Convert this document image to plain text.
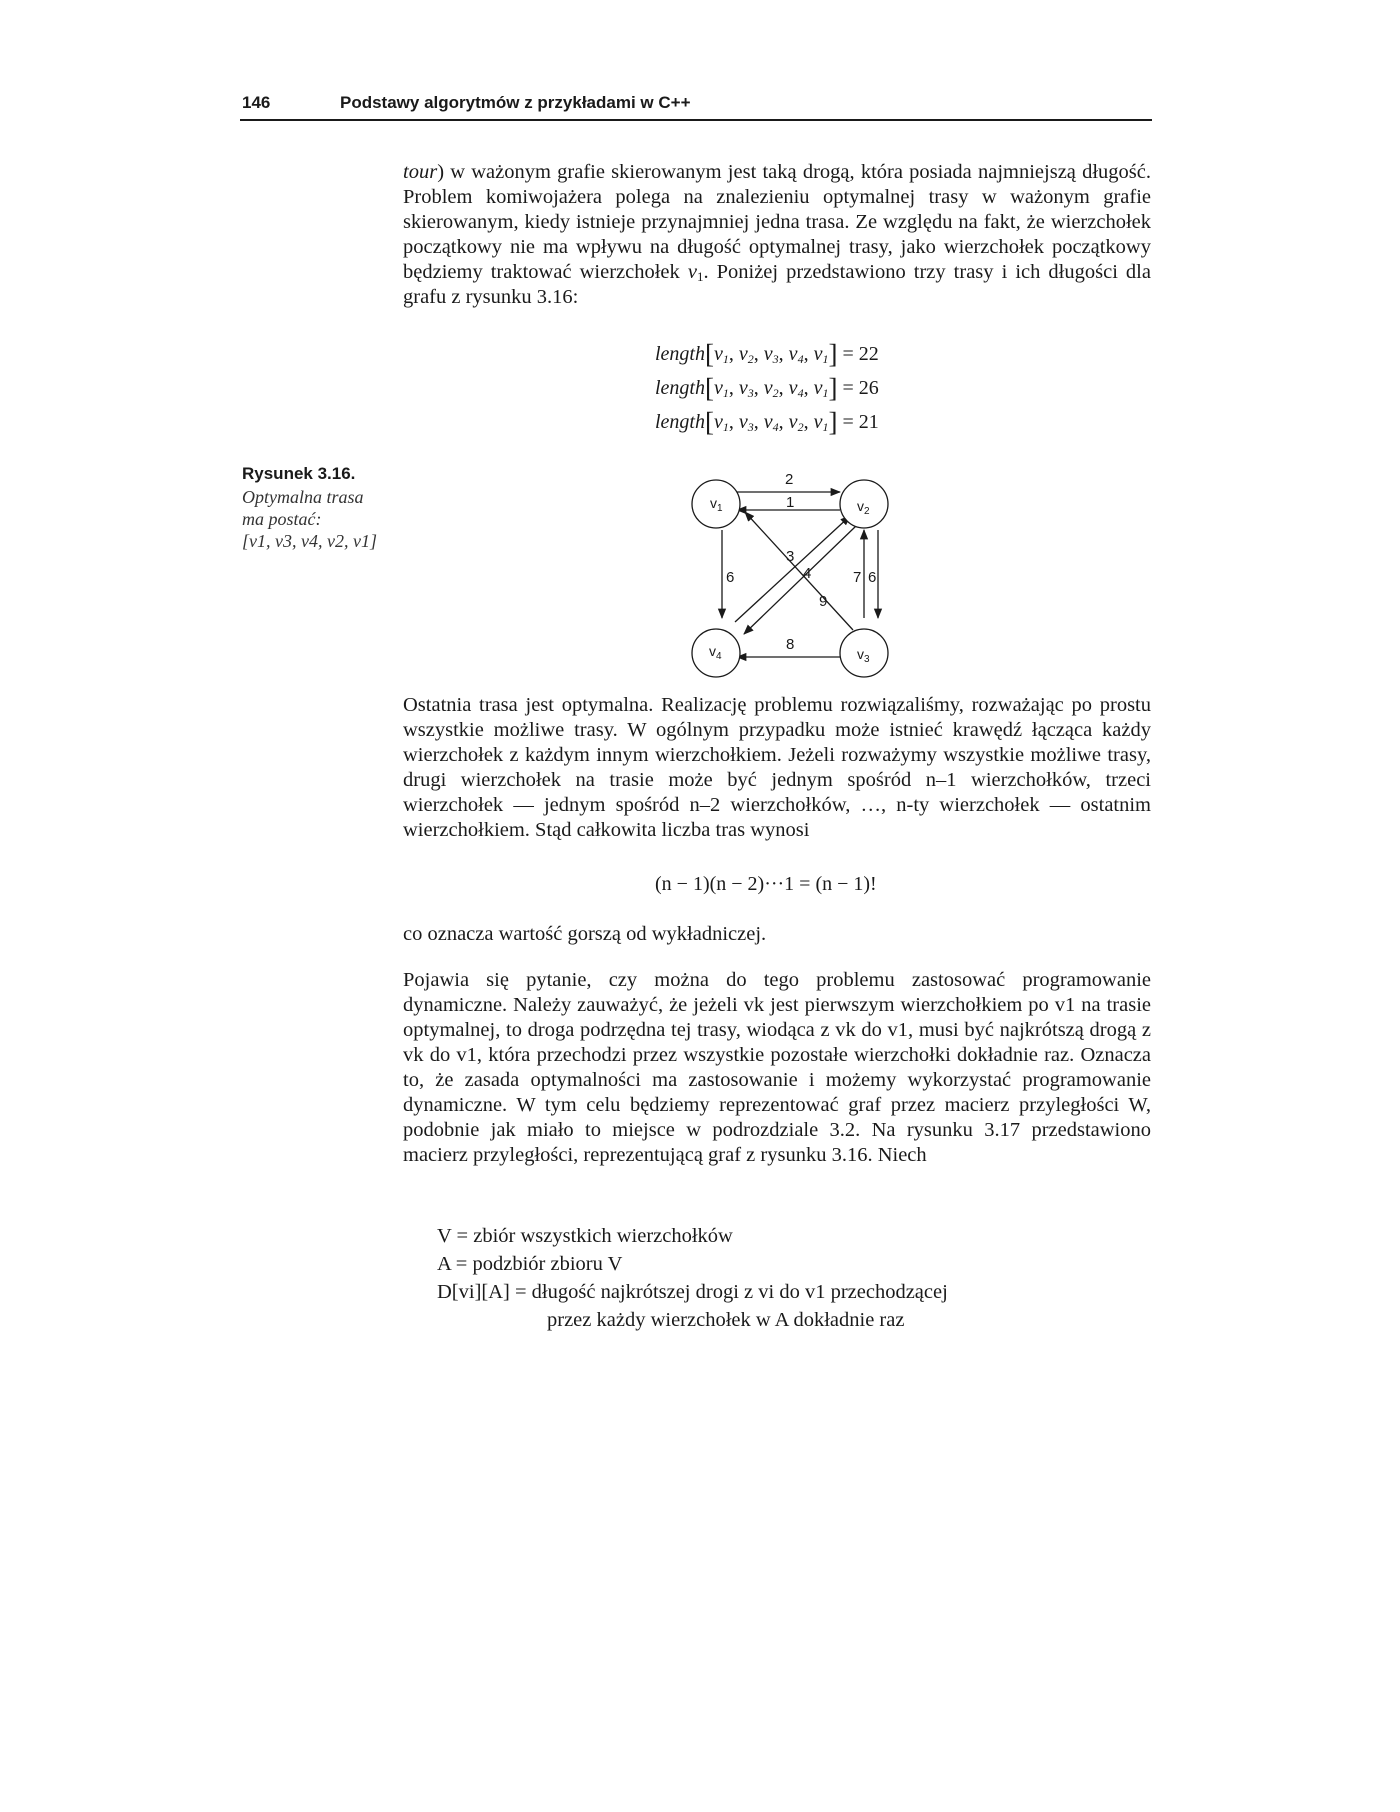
146	Podstawy algorytmów z przykładami w C++

tour) w ważonym grafie skierowanym jest taką drogą, która posiada najmniejszą długość. Problem komiwojażera polega na znalezieniu optymalnej trasy w ważonym grafie skierowanym, kiedy istnieje przynajmniej jedna trasa. Ze względu na fakt, że wierzchołek początkowy nie ma wpływu na długość optymalnej trasy, jako wierzchołek początkowy będziemy traktować wierzchołek $v_1$. Poniżej przedstawiono trzy trasy i ich długości dla grafu z rysunku 3.16:

$length[v_1$, $v_2$, $v_3$, $v_4$, $v_1] = 22$
$length[v_1$, $v_3$, $v_2$, $v_4$, $v_1] = 26$
$length[v_1$, $v_3$, $v_4$, $v_2$, $v_1] = 21$
Rysunek 3.16.
Optymalna trasa
ma postać:
[v1, v3, v4, v2, v1]
$v_1$	$v_2$
$v_3$
$v_4$
2
1
3
4
6	7 6
9
8

Ostatnia trasa jest optymalna. Realizację problemu rozwiązaliśmy, rozważając po prostu wszystkie możliwe trasy. W ogólnym przypadku może istnieć krawędź łącząca każdy wierzchołek z każdym innym wierzchołkiem. Jeżeli rozważymy wszystkie możliwe trasy, drugi wierzchołek na trasie może być jednym spośród n–1 wierzchołków, trzeci wierzchołek — jednym spośród n–2 wierzchołków, …, n-ty wierzchołek — ostatnim wierzchołkiem. Stąd całkowita liczba tras wynosi

(n − 1)(n − 2)···1 = (n − 1)!

co oznacza wartość gorszą od wykładniczej.

Pojawia się pytanie, czy można do tego problemu zastosować programowanie dynamiczne. Należy zauważyć, że jeżeli vk jest pierwszym wierzchołkiem po v1 na trasie optymalnej, to droga podrzędna tej trasy, wiodąca z vk do v1, musi być najkrótszą drogą z vk do v1, która przechodzi przez wszystkie pozostałe wierzchołki dokładnie raz. Oznacza to, że zasada optymalności ma zastosowanie i możemy wykorzystać programowanie dynamiczne. W tym celu będziemy reprezentować graf przez macierz przyległości W, podobnie jak miało to miejsce w podrozdziale 3.2. Na rysunku 3.17 przedstawiono macierz przyległości, reprezentującą graf z rysunku 3.16. Niech

V = zbiór wszystkich wierzchołków
A = podzbiór zbioru V
D[vi][A] = długość najkrótszej drogi z vi do v1 przechodzącej
przez każdy wierzchołek w A dokładnie raz
